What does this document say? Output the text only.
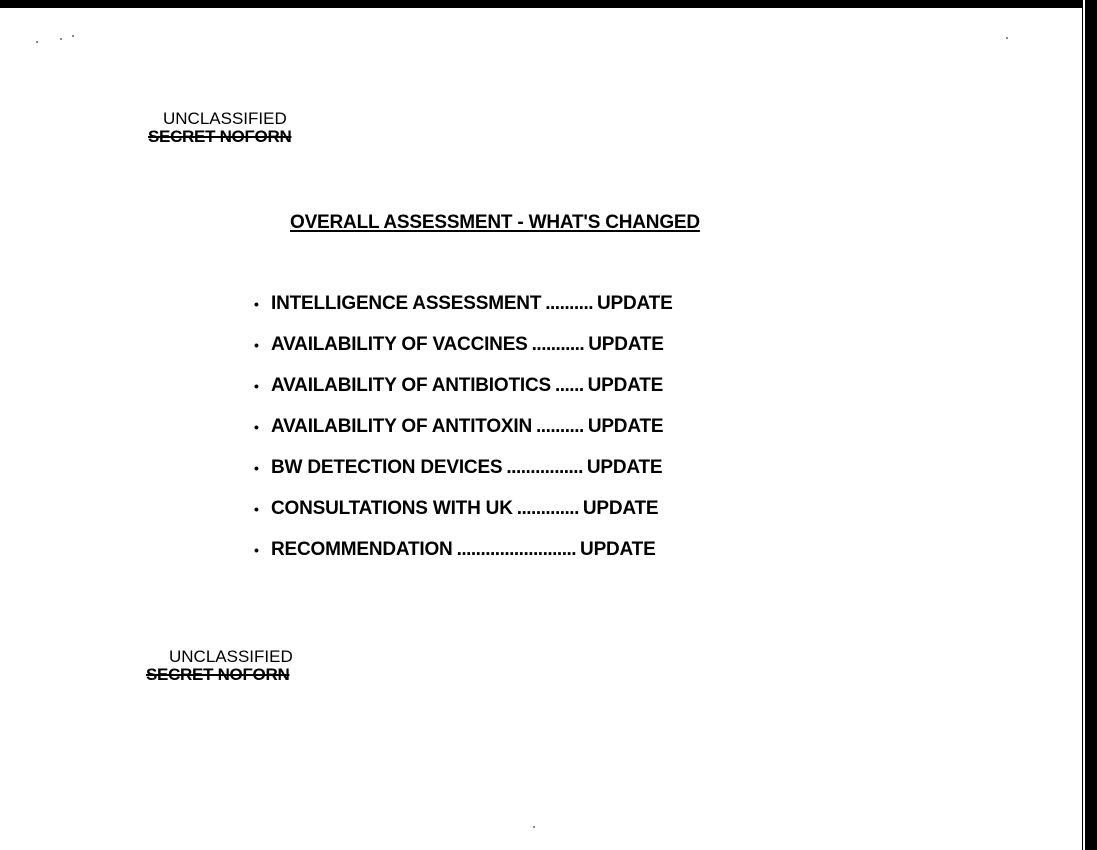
UNCLASSIFIED
SECRET NOFORN
OVERALL ASSESSMENT - WHAT'S CHANGED
• INTELLIGENCE ASSESSMENT .......... UPDATE
• AVAILABILITY OF VACCINES ........... UPDATE
• AVAILABILITY OF ANTIBIOTICS ...... UPDATE
• AVAILABILITY OF ANTITOXIN .......... UPDATE
• BW DETECTION DEVICES ................ UPDATE
• CONSULTATIONS WITH UK ............. UPDATE
• RECOMMENDATION ......................... UPDATE
UNCLASSIFIED
SECRET NOFORN
